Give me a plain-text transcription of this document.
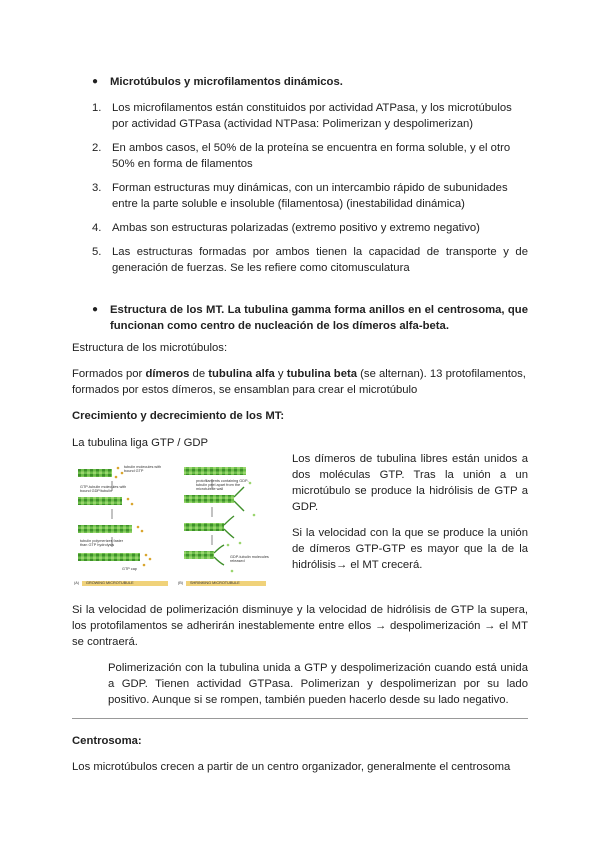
●	Microtúbulos y microfilamentos dinámicos.
1. Los microfilamentos están constituidos por actividad ATPasa, y los microtúbulos por actividad GTPasa (actividad NTPasa: Polimerizan y despolimerizan)
2. En ambos casos, el 50% de la proteína se encuentra en forma soluble, y el otro 50% en forma de filamentos
3. Forman estructuras muy dinámicas, con un intercambio rápido de subunidades entre la parte soluble e insoluble (filamentosa) (inestabilidad dinámica)
4. Ambas son estructuras polarizadas (extremo positivo y extremo negativo)
5. Las estructuras formadas por ambos tienen la capacidad de transporte y de generación de fuerzas. Se les refiere como citomusculatura
●	Estructura de los MT. La tubulina gamma forma anillos en el centrosoma, que funcionan como centro de nucleación de los dímeros alfa-beta.

Estructura de los microtúbulos:

Formados por dímeros de tubulina alfa y tubulina beta (se alternan). 13 protofilamentos, formados por estos dímeros, se ensamblan para crear el microtúbulo

Crecimiento y decrecimiento de los MT:

La tubulina liga GTP / GDP

tubulin molecules with bound GTP
GTP-tubulin molecules with bound GDP/tubulin
tubulin polymerizes faster than GTP hydrolysis
GTP cap
protofilaments containing GDP-tubulin peel apart from the microtubule wall
GDP-tubulin molecules released
(A) GROWING MICROTUBULE	(B) SHRINKING MICROTUBULE

Los dímeros de tubulina libres están unidos a dos moléculas GTP. Tras la unión a un microtúbulo se produce la hidrólisis de GTP a GDP.

Si la velocidad con la que se produce la unión de dímeros GTP-GTP es mayor que la de la hidrólisis→ el MT crecerá.

Si la velocidad de polimerización disminuye y la velocidad de hidrólisis de GTP la supera, los protofilamentos se adherirán inestablemente entre ellos → despolimerización → el MT se contraerá.

Polimerización con la tubulina unida a GTP y despolimerización cuando está unida a GDP. Tienen actividad GTPasa. Polimerizan y despolimerizan por su lado positivo. Aunque si se rompen, también pueden hacerlo desde su lado negativo.

Centrosoma:

Los microtúbulos crecen a partir de un centro organizador, generalmente el centrosoma
